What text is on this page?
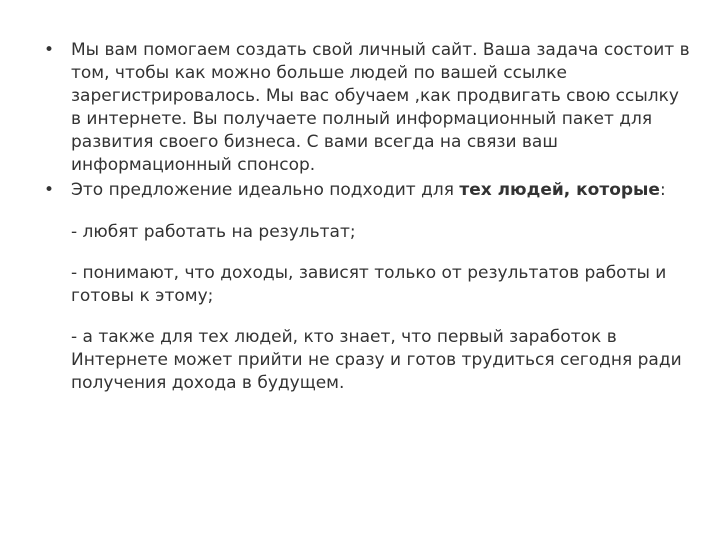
• Мы вам помогаем создать свой личный сайт. Ваша задача состоит в том, чтобы как можно больше людей по вашей ссылке зарегистрировалось. Мы вас обучаем ,как продвигать свою ссылку в интернете. Вы получаете полный информационный пакет для развития своего бизнеса. С вами всегда на связи ваш информационный спонсор.
• Это предложение идеально подходит для тех людей, которые:
- любят работать на результат;
- понимают, что доходы, зависят только от результатов работы и готовы к этому;
- а также для тех людей, кто знает, что первый заработок в Интернете может прийти не сразу и готов трудиться сегодня ради получения дохода в будущем.
